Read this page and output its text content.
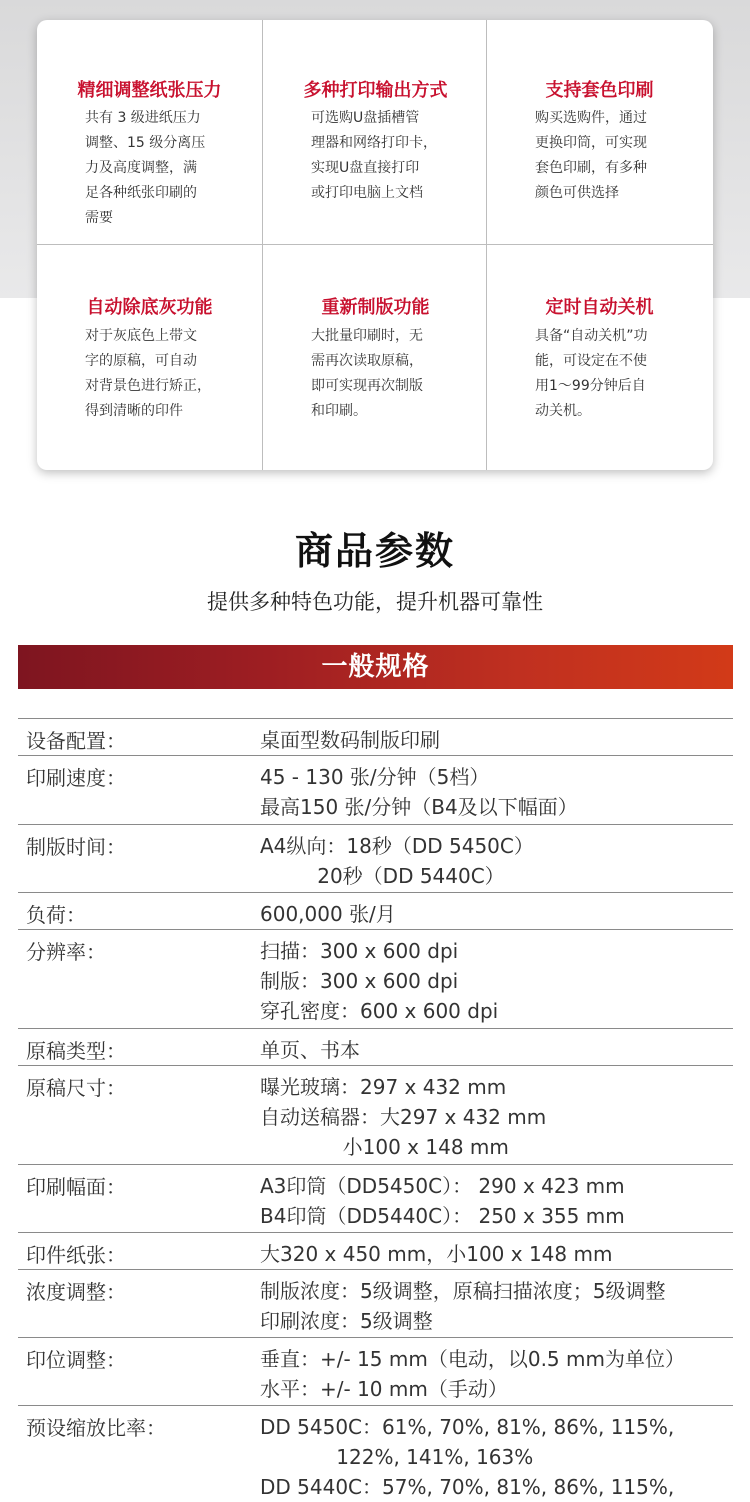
精细调整纸张压力
共有 3 级进纸压力
调整、15 级分离压
力及高度调整，满
足各种纸张印刷的
需要
多种打印输出方式
可选购U盘插槽管
理器和网络打印卡，
实现U盘直接打印
或打印电脑上文档
支持套色印刷
购买选购件，通过
更换印筒，可实现
套色印刷，有多种
颜色可供选择
自动除底灰功能
对于灰底色上带文
字的原稿，可自动
对背景色进行矫正，
得到清晰的印件
重新制版功能
大批量印刷时，无
需再次读取原稿，
即可实现再次制版
和印刷。
定时自动关机
具备“自动关机”功
能，可设定在不使
用1～99分钟后自
动关机。
商品参数
提供多种特色功能，提升机器可靠性
一般规格
设备配置：	桌面型数码制版印刷
印刷速度：	45 - 130 张/分钟（5档）
最高150 张/分钟（B4及以下幅面）
制版时间：	A4纵向：18秒（DD 5450C）
20秒（DD 5440C）
负荷：	600,000 张/月
分辨率：	扫描：300 x 600 dpi
制版：300 x 600 dpi
穿孔密度：600 x 600 dpi
原稿类型：	单页、书本
原稿尺寸：	曝光玻璃：297 x 432 mm
自动送稿器：大297 x 432 mm
小100 x 148 mm
印刷幅面：	A3印筒（DD5450C）： 290 x 423 mm
B4印筒（DD5440C）： 250 x 355 mm
印件纸张：	大320 x 450 mm，小100 x 148 mm
浓度调整：	制版浓度：5级调整，原稿扫描浓度；5级调整
印刷浓度：5级调整
印位调整：	垂直：+/- 15 mm（电动，以0.5 mm为单位）
水平：+/- 10 mm（手动）
预设缩放比率：	DD 5450C：61%, 70%, 81%, 86%, 115%,
122%, 141%, 163%
DD 5440C：57%, 70%, 81%, 86%, 115%,
